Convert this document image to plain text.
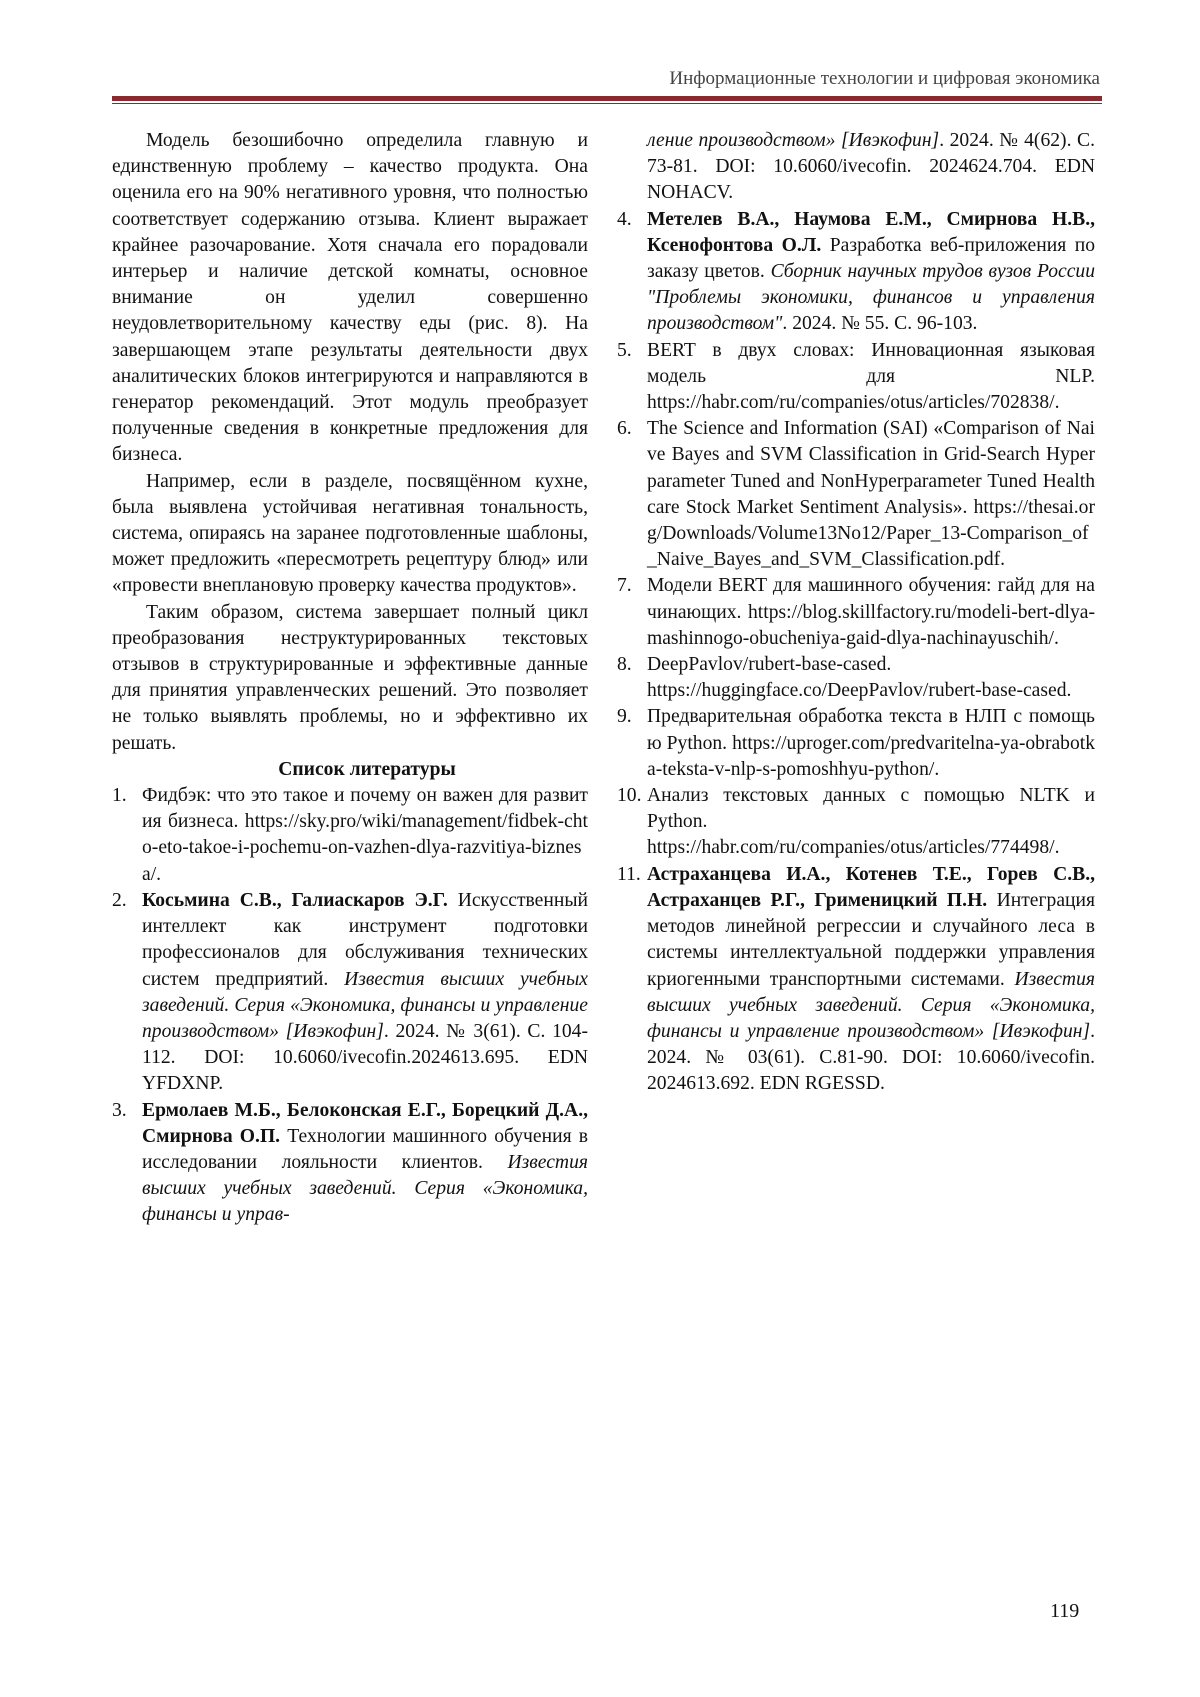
Информационные технологии и цифровая экономика

Модель безошибочно определила главную и единственную проблему – качество продукта. Она оценила его на 90% негативного уровня, что полностью соответствует содержанию отзыва. Клиент выражает крайнее разочарование. Хотя сначала его порадовали интерьер и наличие детской комнаты, основное внимание он уделил совершенно неудовлетворительному качеству еды (рис. 8). На завершающем этапе результаты деятельности двух аналитических блоков интегрируются и направляются в генератор рекомендаций. Этот модуль преобразует полученные сведения в конкретные предложения для бизнеса.

Например, если в разделе, посвящённом кухне, была выявлена устойчивая негативная тональность, система, опираясь на заранее подготовленные шаблоны, может предложить «пересмотреть рецептуру блюд» или «провести внеплановую проверку качества продуктов».

Таким образом, система завершает полный цикл преобразования неструктурированных текстовых отзывов в структурированные и эффективные данные для принятия управленческих решений. Это позволяет не только выявлять проблемы, но и эффективно их решать.

Список литературы

1. Фидбэк: что это такое и почему он важен для развития бизнеса. https://sky.pro/wiki/management/fidbek-chto-eto-takoe-i-pochemu-on-vazhen-dlya-razvitiya-biznesa/.
2. Косьмина С.В., Галиаскаров Э.Г. Искусственный интеллект как инструмент подготовки профессионалов для обслуживания технических систем предприятий. Известия высших учебных заведений. Серия «Экономика, финансы и управление производством» [Ивэкофин]. 2024. № 3(61). С. 104-112. DOI: 10.6060/ivecofin.2024613.695. EDN YFDXNP.
3. Ермолаев М.Б., Белоконская Е.Г., Борецкий Д.А., Смирнова О.П. Технологии машинного обучения в исследовании лояльности клиентов. Известия высших учебных заведений. Серия «Экономика, финансы и управ-
ление производством» [Ивэкофин]. 2024. № 4(62). С. 73-81. DOI: 10.6060/ivecofin. 2024624.704. EDN NOHACV.
4. Метелев В.А., Наумова Е.М., Смирнова Н.В., Ксенофонтова О.Л. Разработка веб-приложения по заказу цветов. Сборник научных трудов вузов России "Проблемы экономики, финансов и управления производством". 2024. № 55. С. 96-103.
5. BERT в двух словах: Инновационная языковая модель для NLP. https://habr.com/ru/companies/otus/articles/702838/.
6. The Science and Information (SAI) «Comparison of Naive Bayes and SVM Classification in Grid-Search Hyperparameter Tuned and NonHyperparameter Tuned Healthcare Stock Market Sentiment Analysis». https://thesai.org/Downloads/Volume13No12/Paper_13-Comparison_of_Naive_Bayes_and_SVM_Classification.pdf.
7. Модели BERT для машинного обучения: гайд для начинающих. https://blog.skillfactory.ru/modeli-bert-dlya-mashinnogo-obucheniya-gaid-dlya-nachinayuschih/.
8. DeepPavlov/rubert-base-cased. https://huggingface.co/DeepPavlov/rubert-base-cased.
9. Предварительная обработка текста в НЛП с помощью Python. https://uproger.com/predvaritelna-ya-obrabotka-teksta-v-nlp-s-pomoshhyu-python/.
10. Анализ текстовых данных с помощью NLTK и Python. https://habr.com/ru/companies/otus/articles/774498/.
11. Астраханцева И.А., Котенев Т.Е., Горев С.В., Астраханцев Р.Г., Грименицкий П.Н. Интеграция методов линейной регрессии и случайного леса в системы интеллектуальной поддержки управления криогенными транспортными системами. Известия высших учебных заведений. Серия «Экономика, финансы и управление производством» [Ивэкофин]. 2024. № 03(61). С.81-90. DOI: 10.6060/ivecofin. 2024613.692. EDN RGESSD.
119
